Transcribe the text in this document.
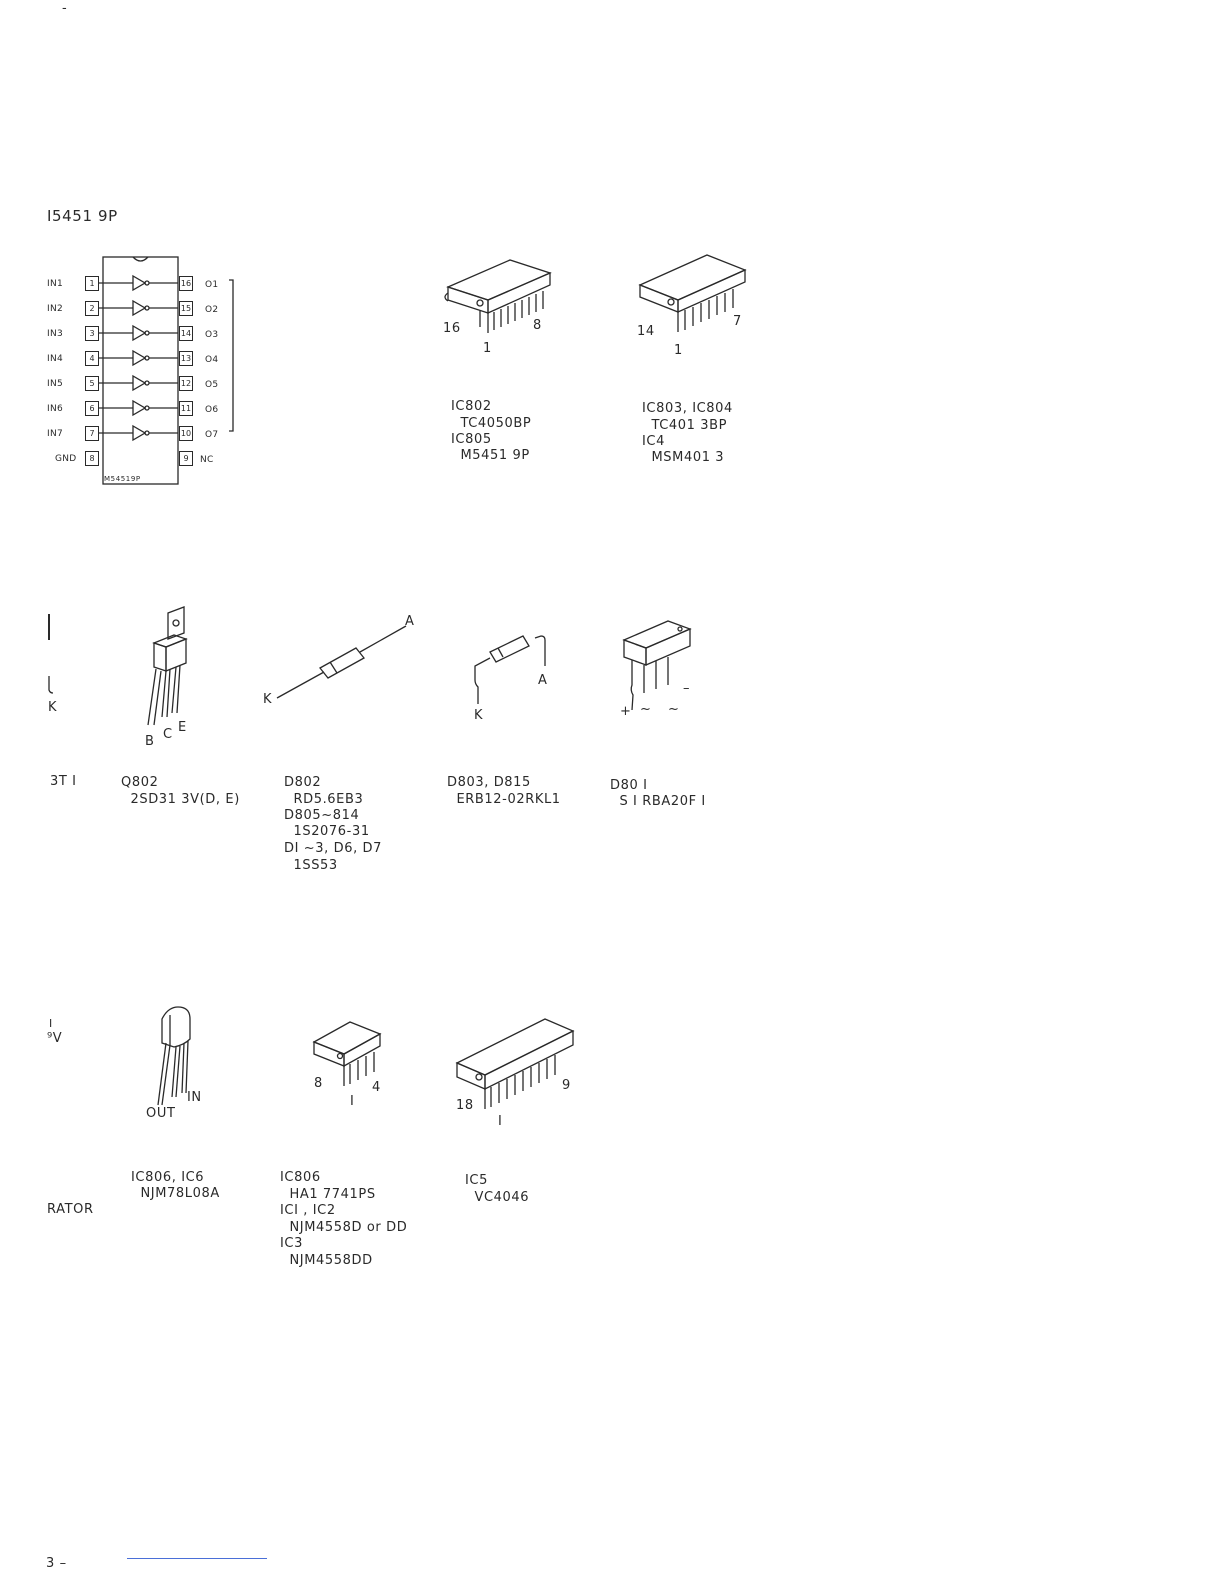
-
I5451 9P
IN1
IN2
IN3
IN4
IN5
IN6
IN7
GND
1
2
3
4
5
6
7
8
16
15
14
13
12
11
10
9
O1
O2
O3
O4
O5
O6
O7
NC
M54519P
16	8
1
IC802
TC4050BP
IC805
M5451 9P
14
7
1
IC803, IC804
TC401 3BP
IC4
MSM401 3
K
3T I
B C E
Q802
2SD31 3V(D, E)
A
K
D802
RD5.6EB3
D805~814
1S2076-31
DI ~3, D6, D7
1SS53
A
K
D803, D815
ERB12-02RKL1
+ ~ ~
–
D80 I
S I RBA20F I
I
⁹V
RATOR
OUT
IN
IC806, IC6
NJM78L08A
8	4
I
IC806
HA1 7741PS
ICI , IC2
NJM4558D or DD
IC3
NJM4558DD
18
9
I
IC5
VC4046
3 –
